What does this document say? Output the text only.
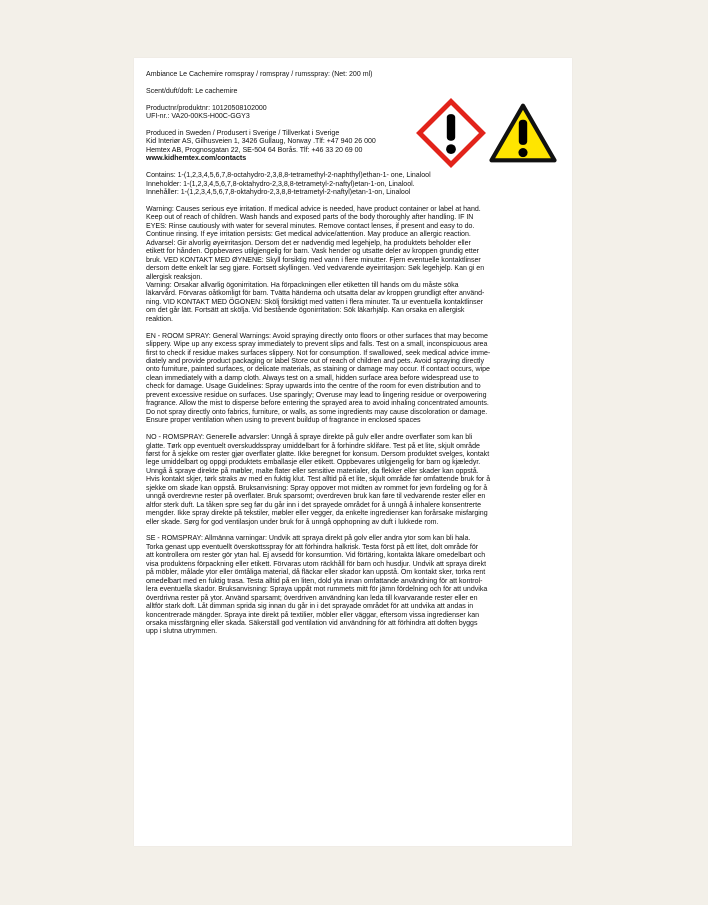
Ambiance Le Cachemire romspray / romspray / rumsspray: (Net: 200 ml)
Scent/duft/doft: Le cachemire
Productnr/produktnr: 10120508102000
UFI-nr.: VA20-00KS-H00C-GGY3
Produced in Sweden / Produsert i Sverige / Tillverkat i Sverige
Kid Interiør AS, Gilhusveien 1, 3426 Gullaug, Norway .Tlf: +47 940 26 000
Hemtex AB, Prognosgatan 22, SE-504 64 Borås. Tlf: +46 33 20 69 00
www.kidhemtex.com/contacts
Contains: 1-(1,2,3,4,5,6,7,8-octahydro-2,3,8,8-tetramethyl-2-naphthyl)ethan-1- one, Linalool
Inneholder: 1-(1,2,3,4,5,6,7,8-oktahydro-2,3,8,8-tetrametyl-2-naftyl)etan-1-on, Linalool.
Innehåller: 1-(1,2,3,4,5,6,7,8-oktahydro-2,3,8,8-tetrametyl-2-naftyl)etan-1-on, Linalool
Warning: Causes serious eye irritation. If medical advice is needed, have product container or label at hand.
Keep out of reach of children. Wash hands and exposed parts of the body thoroughly after handling. IF IN
EYES: Rinse cautiously with water for several minutes. Remove contact lenses, if present and easy to do.
Continue rinsing. If eye irritation persists: Get medical advice/attention. May produce an allergic reaction.
Advarsel: Gir alvorlig øyeirritasjon. Dersom det er nødvendig med legehjelp, ha produktets beholder eller
etikett for hånden. Oppbevares utilgjengelig for barn. Vask hender og utsatte deler av kroppen grundig etter
bruk. VED KONTAKT MED ØYNENE: Skyll forsiktig med vann i flere minutter. Fjern eventuelle kontaktlinser
dersom dette enkelt lar seg gjøre. Fortsett skyllingen. Ved vedvarende øyeirritasjon: Søk legehjelp. Kan gi en
allergisk reaksjon.
Varning: Orsakar allvarlig ögonirritation. Ha förpackningen eller etiketten till hands om du måste söka
läkarvård. Förvaras oåtkomligt för barn. Tvätta händerna och utsatta delar av kroppen grundligt efter använd-
ning. VID KONTAKT MED ÖGONEN: Skölj försiktigt med vatten i flera minuter. Ta ur eventuella kontaktlinser
om det går lätt. Fortsätt att skölja. Vid bestående ögonirritation: Sök läkarhjälp. Kan orsaka en allergisk
reaktion.
EN - ROOM SPRAY: General Warnings: Avoid spraying directly onto floors or other surfaces that may become
slippery. Wipe up any excess spray immediately to prevent slips and falls. Test on a small, inconspicuous area
first to check if residue makes surfaces slippery. Not for consumption. If swallowed, seek medical advice imme-
diately and provide product packaging or label Store out of reach of children and pets. Avoid spraying directly
onto furniture, painted surfaces, or delicate materials, as staining or damage may occur. If contact occurs, wipe
clean immediately with a damp cloth. Always test on a small, hidden surface area before widespread use to
check for damage. Usage Guidelines: Spray upwards into the centre of the room for even distribution and to
prevent excessive residue on surfaces. Use sparingly; Overuse may lead to lingering residue or overpowering
fragrance. Allow the mist to disperse before entering the sprayed area to avoid inhaling concentrated amounts.
Do not spray directly onto fabrics, furniture, or walls, as some ingredients may cause discoloration or damage.
Ensure proper ventilation when using to prevent buildup of fragrance in enclosed spaces
NO - ROMSPRAY: Generelle advarsler: Unngå å spraye direkte på gulv eller andre overflater som kan bli
glatte. Tørk opp eventuelt overskuddsspray umiddelbart for å forhindre sklifare. Test på et lite, skjult område
først for å sjekke om rester gjør overflater glatte. Ikke beregnet for konsum. Dersom produktet svelges, kontakt
lege umiddelbart og oppgi produktets emballasje eller etikett. Oppbevares utilgjengelig for barn og kjæledyr.
Unngå å spraye direkte på møbler, malte flater eller sensitive materialer, da flekker eller skader kan oppstå.
Hvis kontakt skjer, tørk straks av med en fuktig klut. Test alltid på et lite, skjult område før omfattende bruk for å
sjekke om skade kan oppstå. Bruksanvisning: Spray oppover mot midten av rommet for jevn fordeling og for å
unngå overdrevne rester på overflater. Bruk sparsomt; overdreven bruk kan føre til vedvarende rester eller en
altfor sterk duft. La tåken spre seg før du går inn i det sprayede området for å unngå å inhalere konsentrerte
mengder. Ikke spray direkte på tekstiler, møbler eller vegger, da enkelte ingredienser kan forårsake misfarging
eller skade. Sørg for god ventilasjon under bruk for å unngå opphopning av duft i lukkede rom.
SE - ROMSPRAY: Allmänna varningar: Undvik att spraya direkt på golv eller andra ytor som kan bli hala.
Torka genast upp eventuellt överskottsspray för att förhindra halkrisk. Testa först på ett litet, dolt område för
att kontrollera om rester gör ytan hal. Ej avsedd för konsumtion. Vid förtäring, kontakta läkare omedelbart och
visa produktens förpackning eller etikett. Förvaras utom räckhåll för barn och husdjur. Undvik att spraya direkt
på möbler, målade ytor eller ömtåliga material, då fläckar eller skador kan uppstå. Om kontakt sker, torka rent
omedelbart med en fuktig trasa. Testa alltid på en liten, dold yta innan omfattande användning för att kontrol-
lera eventuella skador. Bruksanvisning: Spraya uppåt mot rummets mitt för jämn fördelning och för att undvika
överdrivna rester på ytor. Använd sparsamt; överdriven användning kan leda till kvarvarande rester eller en
alltför stark doft. Låt dimman sprida sig innan du går in i det sprayade området för att undvika att andas in
koncentrerade mängder. Spraya inte direkt på textilier, möbler eller väggar, eftersom vissa ingredienser kan
orsaka missfärgning eller skada. Säkerställ god ventilation vid användning för att förhindra att doften byggs
upp i slutna utrymmen.
